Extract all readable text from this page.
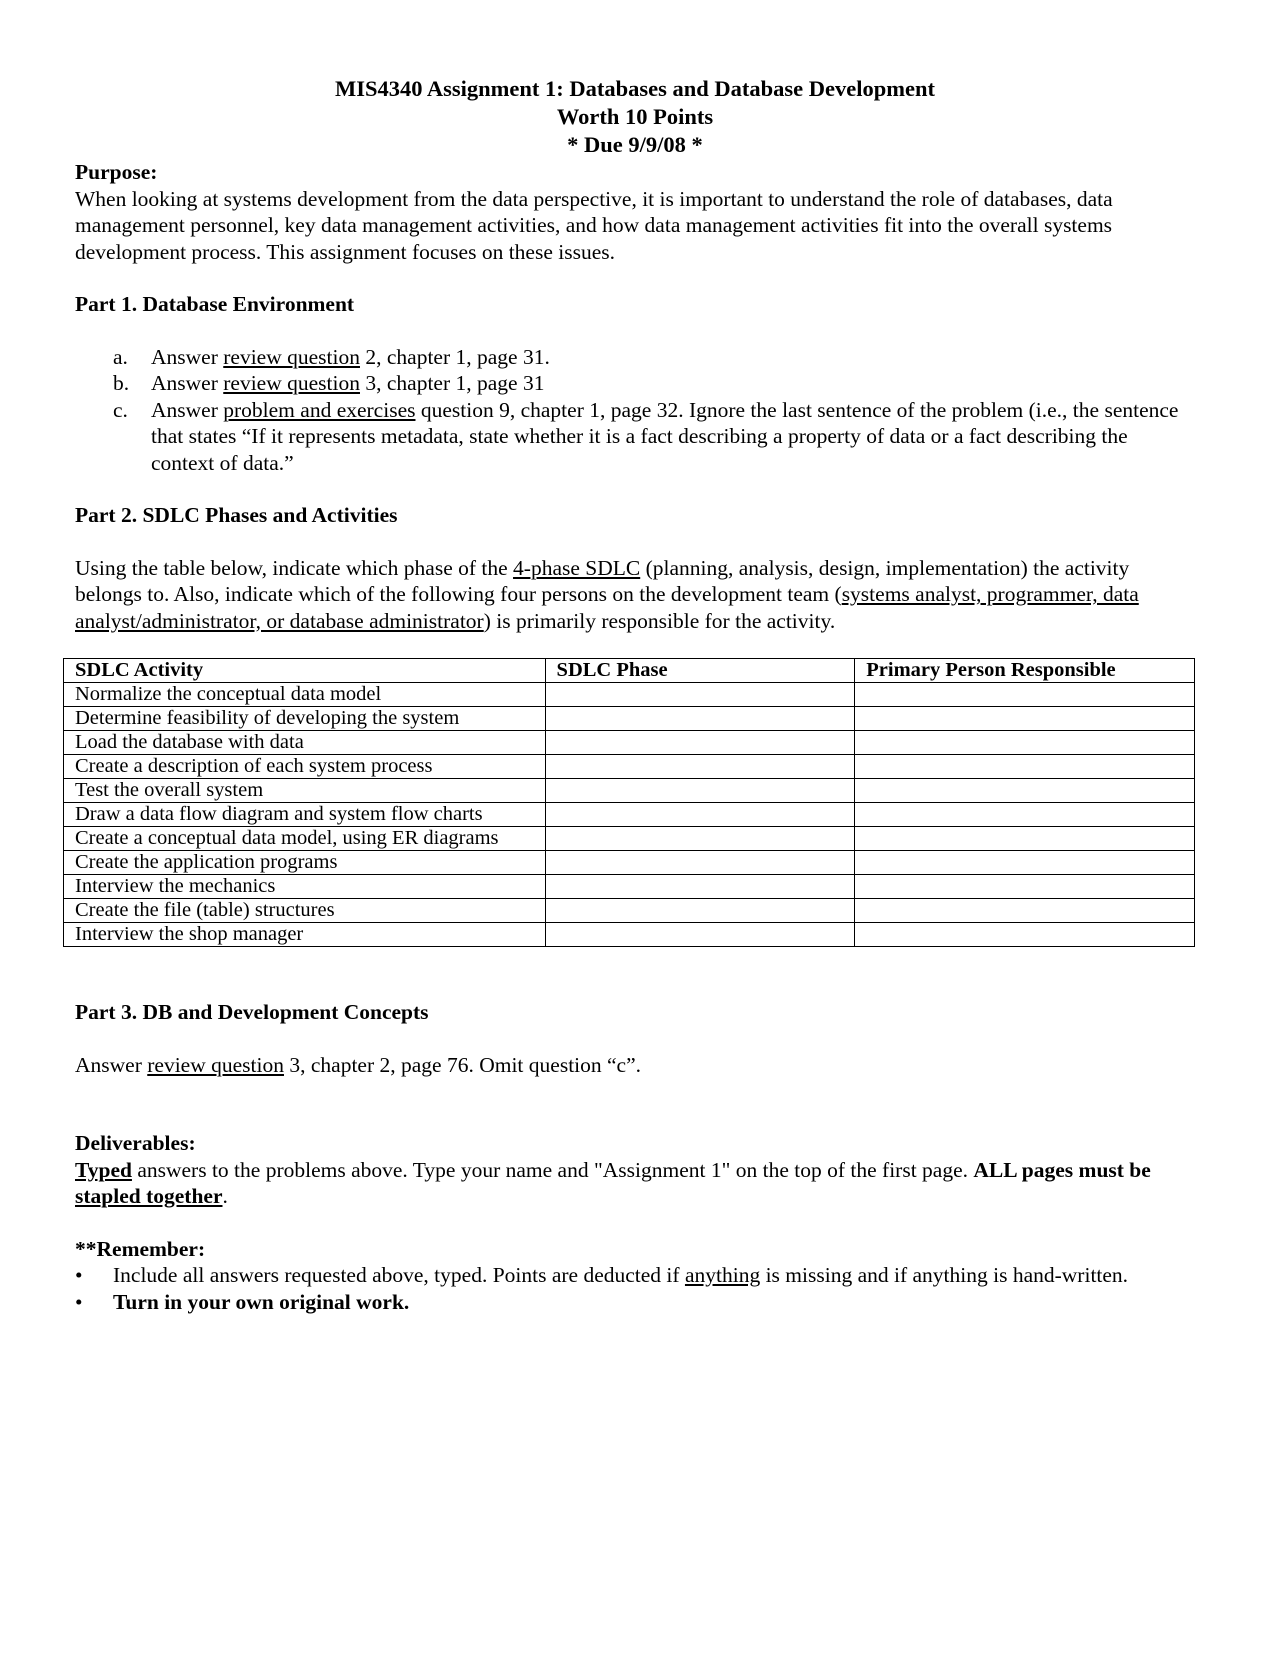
MIS4340 Assignment 1: Databases and Database Development
Worth 10 Points
* Due 9/9/08 *

Purpose:

When looking at systems development from the data perspective, it is important to understand the role of databases, data management personnel, key data management activities, and how data management activities fit into the overall systems development process. This assignment focuses on these issues.

Part 1. Database Environment

a. Answer review question 2, chapter 1, page 31.
b. Answer review question 3, chapter 1, page 31
c. Answer problem and exercises question 9, chapter 1, page 32. Ignore the last sentence of the problem (i.e., the sentence that states “If it represents metadata, state whether it is a fact describing a property of data or a fact describing the context of data.”

Part 2. SDLC Phases and Activities

Using the table below, indicate which phase of the 4-phase SDLC (planning, analysis, design, implementation) the activity belongs to. Also, indicate which of the following four persons on the development team (systems analyst, programmer, data analyst/administrator, or database administrator) is primarily responsible for the activity.

SDLC Activity	SDLC Phase	Primary Person Responsible
Normalize the conceptual data model		
Determine feasibility of developing the system		
Load the database with data		
Create a description of each system process		
Test the overall system		
Draw a data flow diagram and system flow charts		
Create a conceptual data model, using ER diagrams		
Create the application programs		
Interview the mechanics		
Create the file (table) structures		
Interview the shop manager		

Part 3. DB and Development Concepts

Answer review question 3, chapter 2, page 76. Omit question “c”.

Deliverables:

Typed answers to the problems above. Type your name and "Assignment 1" on the top of the first page. ALL pages must be stapled together.

**Remember:

• Include all answers requested above, typed. Points are deducted if anything is missing and if anything is hand-written.
• Turn in your own original work.
